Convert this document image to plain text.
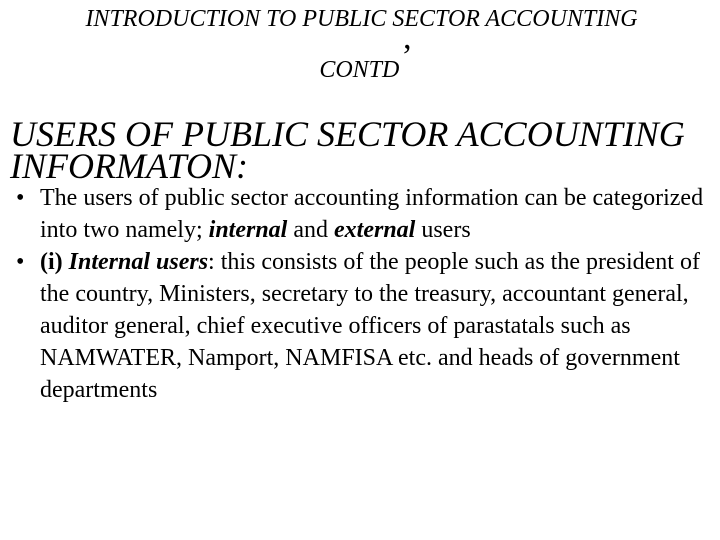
INTRODUCTION TO PUBLIC SECTOR ACCOUNTING
CONTD’
USERS OF PUBLIC SECTOR ACCOUNTING
INFORMATON:
• The users of public sector accounting information can be categorized into two namely; internal and external users
• (i) Internal users: this consists of the people such as the president of the country, Ministers, secretary to the treasury, accountant general, auditor general, chief executive officers of parastatals such as NAMWATER, Namport, NAMFISA etc. and heads of government departments
